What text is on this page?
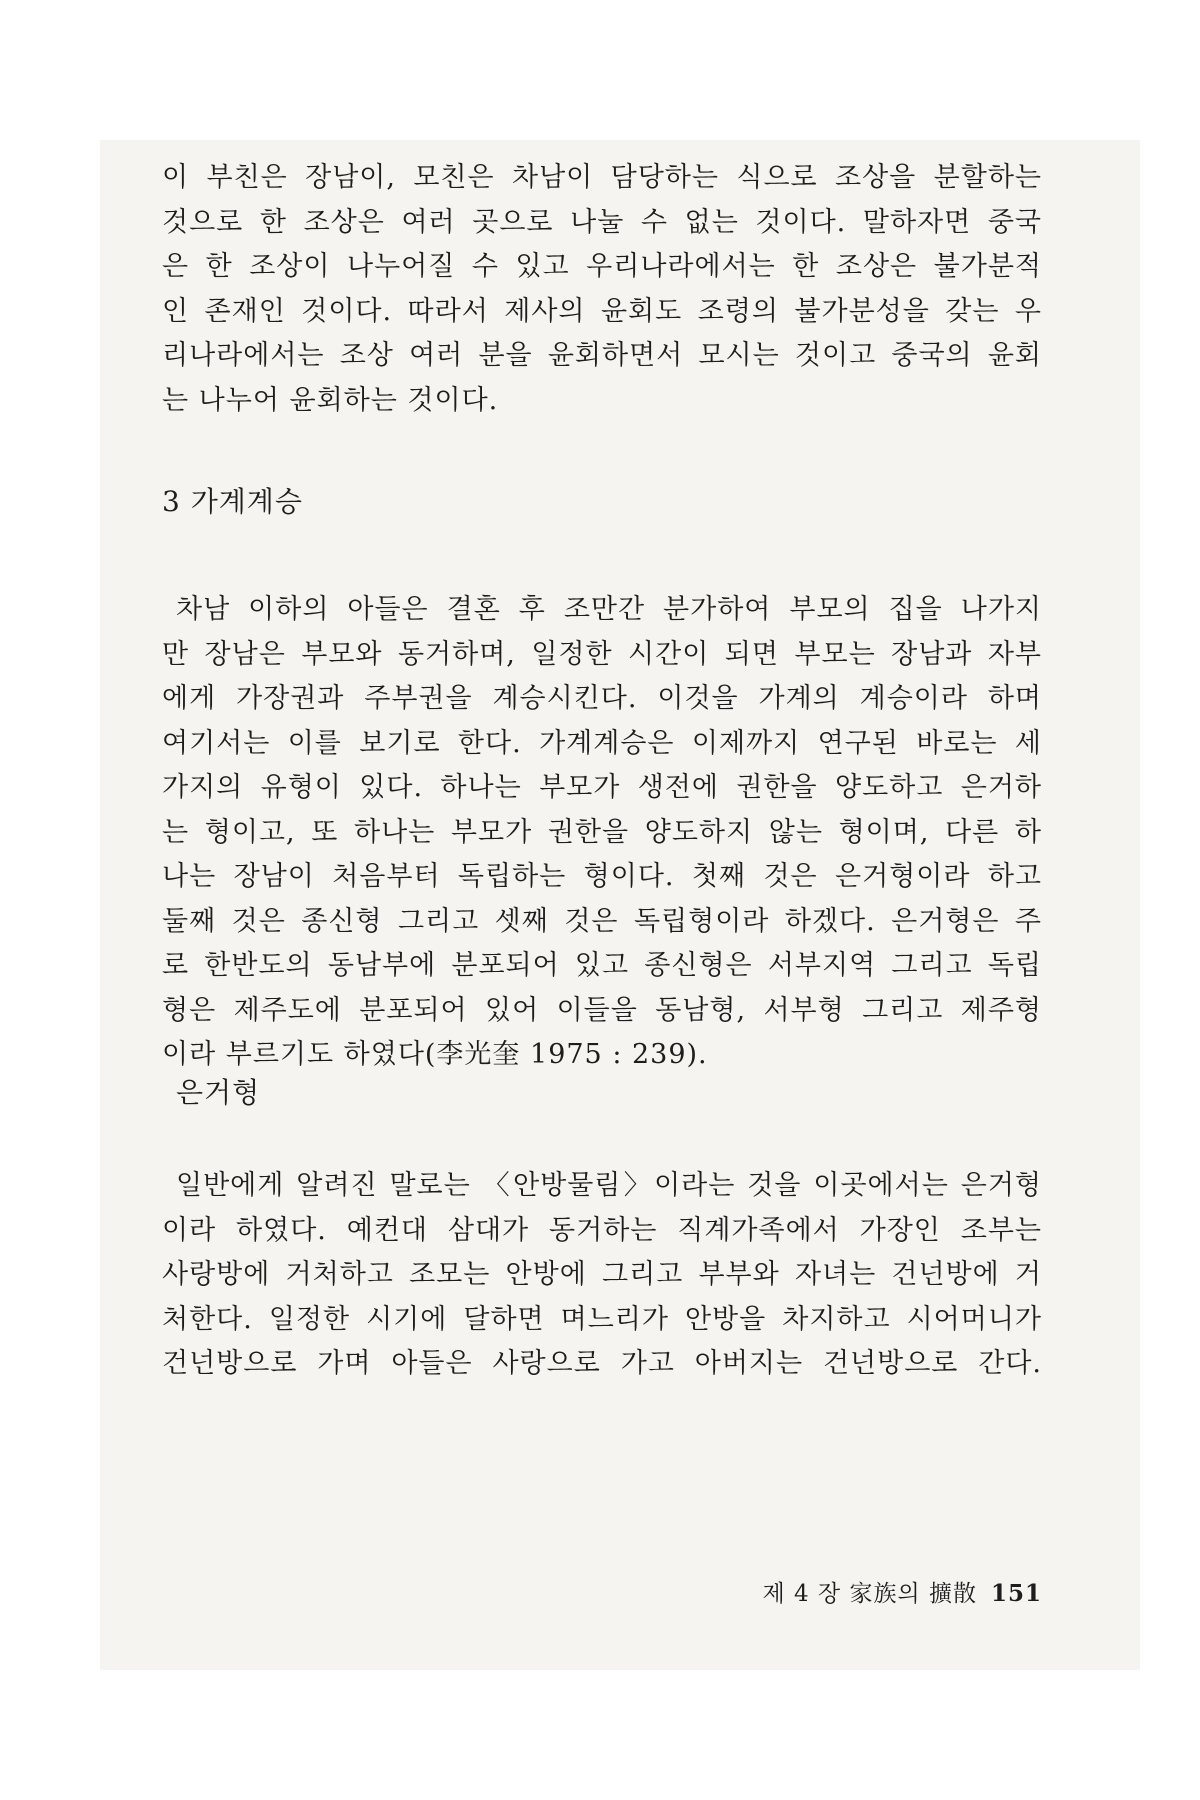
이 부친은 장남이, 모친은 차남이 담당하는 식으로 조상을 분할하는
것으로 한 조상은 여러 곳으로 나눌 수 없는 것이다. 말하자면 중국
은 한 조상이 나누어질 수 있고 우리나라에서는 한 조상은 불가분적
인 존재인 것이다. 따라서 제사의 윤회도 조령의 불가분성을 갖는 우
리나라에서는 조상 여러 분을 윤회하면서 모시는 것이고 중국의 윤회
는 나누어 윤회하는 것이다.
3 가계계승
차남 이하의 아들은 결혼 후 조만간 분가하여 부모의 집을 나가지
만 장남은 부모와 동거하며, 일정한 시간이 되면 부모는 장남과 자부
에게 가장권과 주부권을 계승시킨다. 이것을 가계의 계승이라 하며
여기서는 이를 보기로 한다. 가계계승은 이제까지 연구된 바로는 세
가지의 유형이 있다. 하나는 부모가 생전에 권한을 양도하고 은거하
는 형이고, 또 하나는 부모가 권한을 양도하지 않는 형이며, 다른 하
나는 장남이 처음부터 독립하는 형이다. 첫째 것은 은거형이라 하고
둘째 것은 종신형 그리고 셋째 것은 독립형이라 하겠다. 은거형은 주
로 한반도의 동남부에 분포되어 있고 종신형은 서부지역 그리고 독립
형은 제주도에 분포되어 있어 이들을 동남형, 서부형 그리고 제주형
이라 부르기도 하였다(李光奎 1975 : 239).
은거형
일반에게 알려진 말로는 〈안방물림〉이라는 것을 이곳에서는 은거형
이라 하였다. 예컨대 삼대가 동거하는 직계가족에서 가장인 조부는
사랑방에 거처하고 조모는 안방에 그리고 부부와 자녀는 건넌방에 거
처한다. 일정한 시기에 달하면 며느리가 안방을 차지하고 시어머니가
건넌방으로 가며 아들은 사랑으로 가고 아버지는 건넌방으로 간다.
제 4 장 家族의 擴散 151
